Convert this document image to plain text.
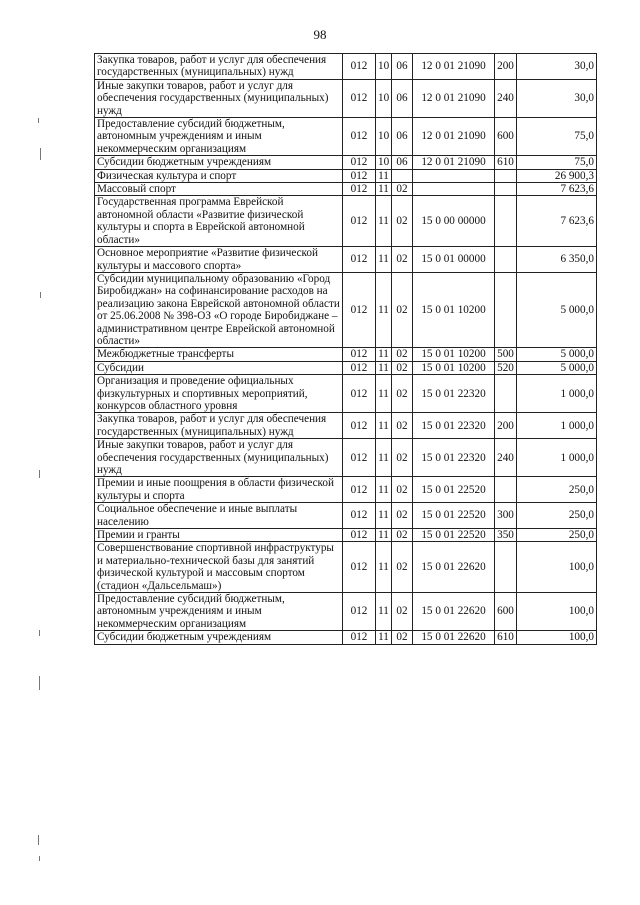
98
Закупка товаров, работ и услуг для обеспечения государственных (муниципальных) нужд	012	10	06	12 0 01 21090	200	30,0
Иные закупки товаров, работ и услуг для обеспечения государственных (муниципальных) нужд	012	10	06	12 0 01 21090	240	30,0
Предоставление субсидий бюджетным, автономным учреждениям и иным некоммерческим организациям	012	10	06	12 0 01 21090	600	75,0
Субсидии бюджетным учреждениям	012	10	06	12 0 01 21090	610	75,0
Физическая культура и спорт	012	11				26 900,3
Массовый спорт	012	11	02			7 623,6
Государственная программа Еврейской автономной области «Развитие физической культуры и спорта в Еврейской автономной области»	012	11	02	15 0 00 00000		7 623,6
Основное мероприятие «Развитие физической культуры и массового спорта»	012	11	02	15 0 01 00000		6 350,0
Субсидии муниципальному образованию «Город Биробиджан» на софинансирование расходов на реализацию закона Еврейской автономной области от 25.06.2008 № 398-ОЗ «О городе Биробиджане – административном центре Еврейской автономной области»	012	11	02	15 0 01 10200		5 000,0
Межбюджетные трансферты	012	11	02	15 0 01 10200	500	5 000,0
Субсидии	012	11	02	15 0 01 10200	520	5 000,0
Организация и проведение официальных физкультурных и спортивных мероприятий, конкурсов областного уровня	012	11	02	15 0 01 22320		1 000,0
Закупка товаров, работ и услуг для обеспечения государственных (муниципальных) нужд	012	11	02	15 0 01 22320	200	1 000,0
Иные закупки товаров, работ и услуг для обеспечения государственных (муниципальных) нужд	012	11	02	15 0 01 22320	240	1 000,0
Премии и иные поощрения в области физической культуры и спорта	012	11	02	15 0 01 22520		250,0
Социальное обеспечение и иные выплаты населению	012	11	02	15 0 01 22520	300	250,0
Премии и гранты	012	11	02	15 0 01 22520	350	250,0
Совершенствование спортивной инфраструктуры и материально-технической базы для занятий физической культурой и массовым спортом (стадион «Дальсельмаш»)	012	11	02	15 0 01 22620		100,0
Предоставление субсидий бюджетным, автономным учреждениям и иным некоммерческим организациям	012	11	02	15 0 01 22620	600	100,0
Субсидии бюджетным учреждениям	012	11	02	15 0 01 22620	610	100,0
